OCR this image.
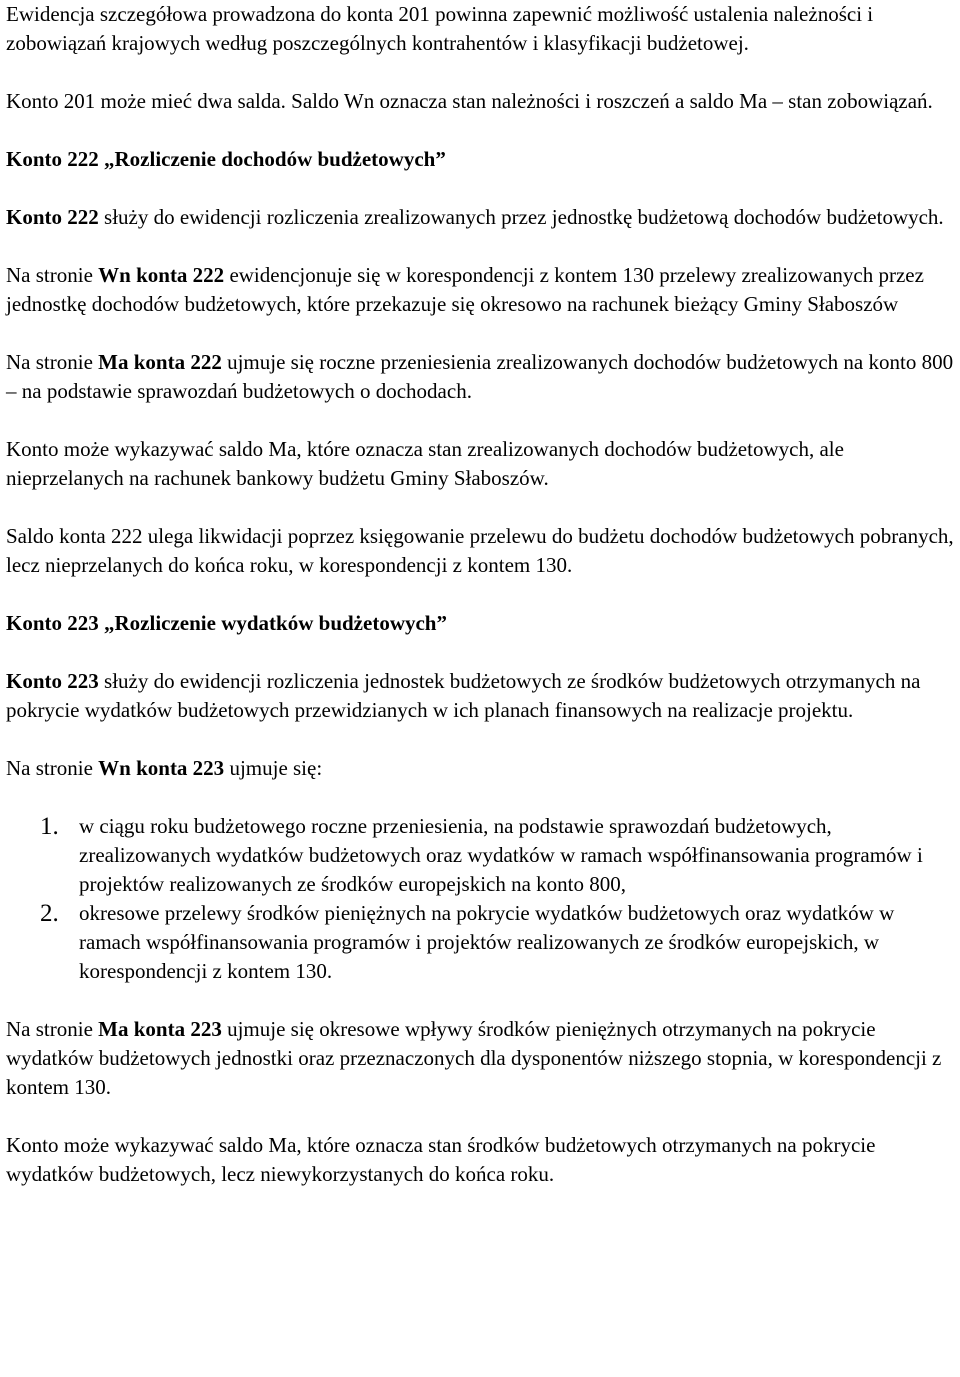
Ewidencja szczegółowa prowadzona do konta 201 powinna zapewnić możliwość ustalenia należności i zobowiązań krajowych według poszczególnych kontrahentów i klasyfikacji budżetowej.

Konto 201 może mieć dwa salda. Saldo Wn oznacza stan należności i roszczeń a saldo Ma – stan zobowiązań.

Konto 222 „Rozliczenie dochodów budżetowych”

Konto 222 służy do ewidencji rozliczenia zrealizowanych przez jednostkę budżetową dochodów budżetowych.

Na stronie Wn konta 222 ewidencjonuje się w korespondencji z kontem 130 przelewy zrealizowanych przez jednostkę dochodów budżetowych, które przekazuje się okresowo na rachunek bieżący Gminy Słaboszów

Na stronie Ma konta 222 ujmuje się roczne przeniesienia zrealizowanych dochodów budżetowych na konto 800 – na podstawie sprawozdań budżetowych o dochodach.

Konto może wykazywać saldo Ma, które oznacza stan zrealizowanych dochodów budżetowych, ale nieprzelanych na rachunek bankowy budżetu Gminy Słaboszów.

Saldo konta 222 ulega likwidacji poprzez księgowanie przelewu do budżetu dochodów budżetowych pobranych, lecz nieprzelanych do końca roku, w korespondencji z kontem 130.

Konto 223 „Rozliczenie wydatków budżetowych”

Konto 223 służy do ewidencji rozliczenia jednostek budżetowych ze środków budżetowych otrzymanych na pokrycie wydatków budżetowych przewidzianych w ich planach finansowych na realizacje projektu.

Na stronie Wn konta 223 ujmuje się:

1. w ciągu roku budżetowego roczne przeniesienia, na podstawie sprawozdań budżetowych, zrealizowanych wydatków budżetowych oraz wydatków w ramach współfinansowania programów i projektów realizowanych ze środków europejskich na konto 800,
2. okresowe przelewy środków pieniężnych na pokrycie wydatków budżetowych oraz wydatków w ramach współfinansowania programów i projektów realizowanych ze środków europejskich, w korespondencji z kontem 130.

Na stronie Ma konta 223 ujmuje się okresowe wpływy środków pieniężnych otrzymanych na pokrycie wydatków budżetowych jednostki oraz przeznaczonych dla dysponentów niższego stopnia, w korespondencji z kontem 130.

Konto może wykazywać saldo Ma, które oznacza stan środków budżetowych otrzymanych na pokrycie wydatków budżetowych, lecz niewykorzystanych do końca roku.
